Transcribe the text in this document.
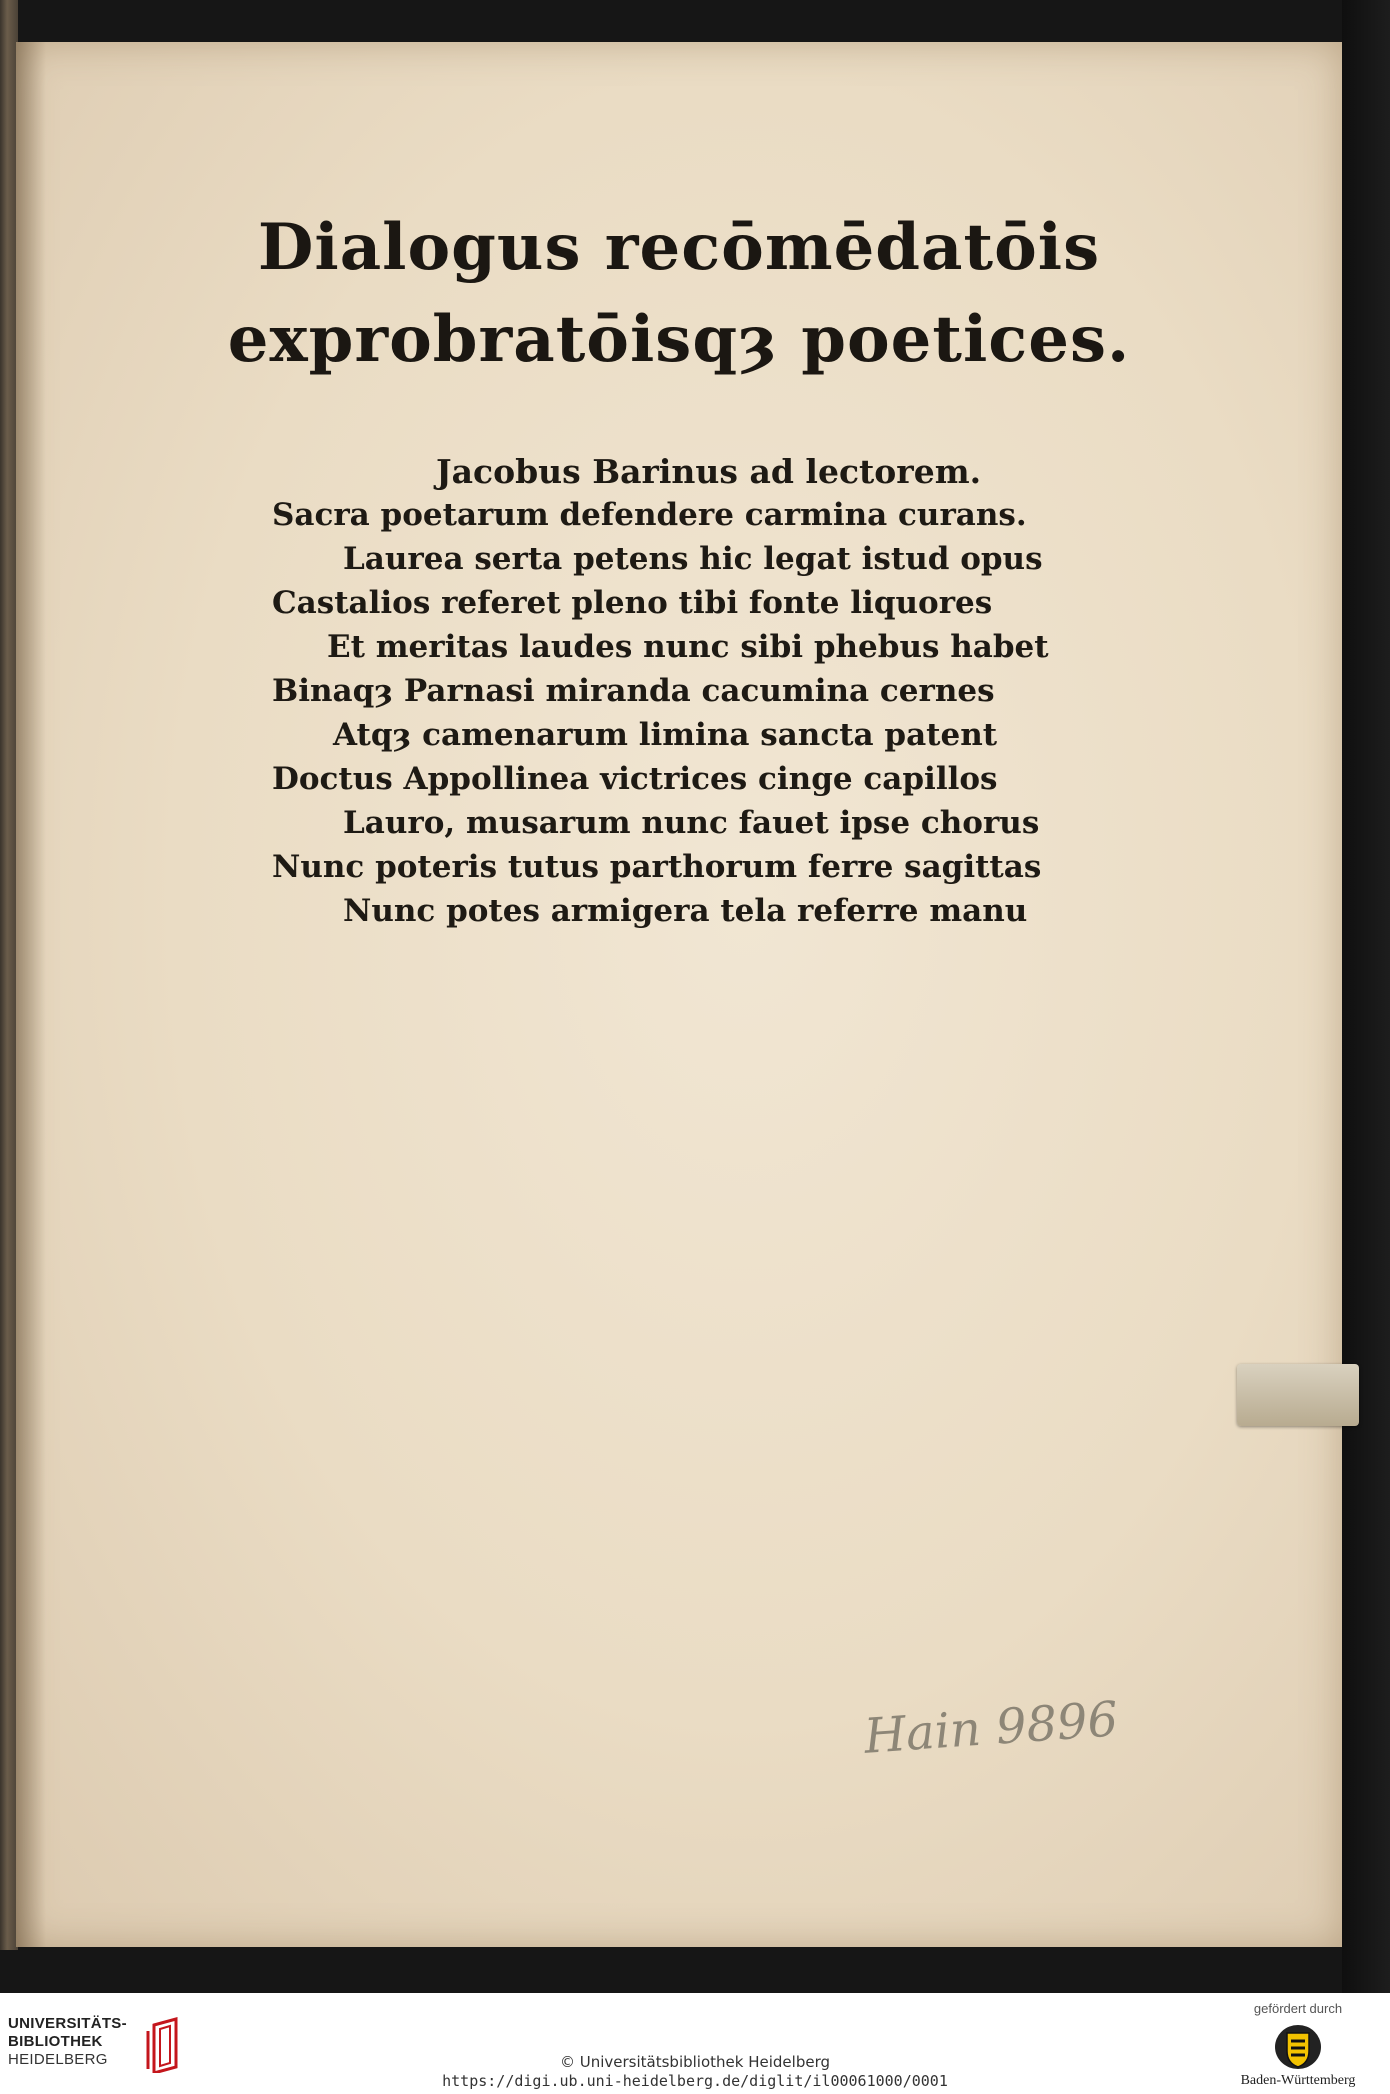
Dialogus recōmēdatōis
exprobratōisqȝ poetices.
Jacobus Barinus ad lectorem.
Sacra poetarum defendere carmina curans.
Laurea serta petens hic legat istud opus
Castalios referet pleno tibi fonte liquores
Et meritas laudes nunc sibi phebus habet
Binaqȝ Parnasi miranda cacumina cernes
Atqȝ camenarum limina sancta patent
Doctus Appollinea victrices cinge capillos
Lauro, musarum nunc fauet ipse chorus
Nunc poteris tutus parthorum ferre sagittas
Nunc potes armigera tela referre manu
Hain 9896
UNIVERSITÄTS-
BIBLIOTHEK
HEIDELBERG	© Universitätsbibliothek Heidelberg
https://digi.ub.uni-heidelberg.de/diglit/il00061000/0001
gefördert durch
Baden-Württemberg
